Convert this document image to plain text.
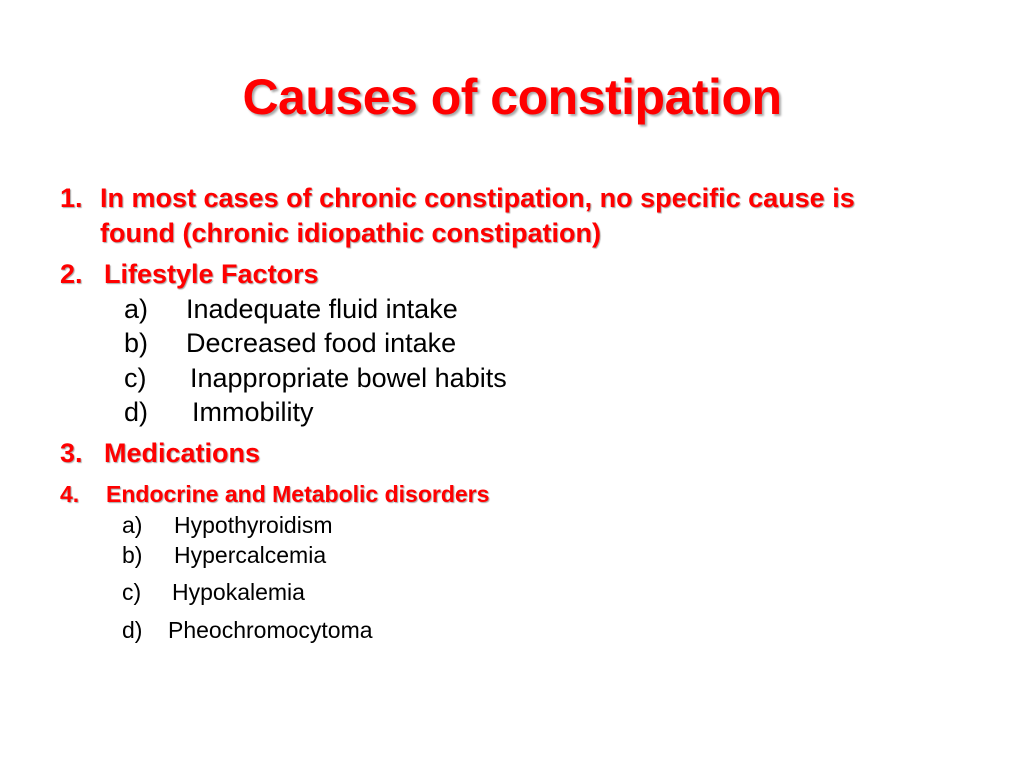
Causes of constipation
1. In most cases of chronic constipation, no specific cause is
found (chronic idiopathic constipation)
2. Lifestyle Factors
a) Inadequate fluid intake
b) Decreased food intake
c) Inappropriate bowel habits
d) Immobility
3. Medications
4. Endocrine and Metabolic disorders
a) Hypothyroidism
b) Hypercalcemia
c) Hypokalemia
d) Pheochromocytoma
